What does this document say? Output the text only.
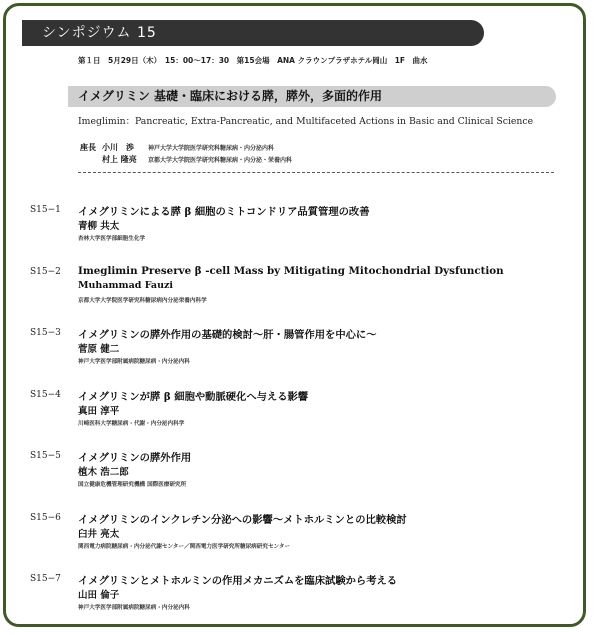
シンポジウム 15
第１日　5月29日（木）　15：00～17：30　第15会場　ANA クラウンプラザホテル岡山　1F　曲水
イメグリミン 基礎・臨床における膵，膵外，多面的作用
Imeglimin：Pancreatic, Extra-Pancreatic, and Multifaceted Actions in Basic and Clinical Science
座長 小川　渉	神戸大学大学院医学研究科糖尿病・内分泌内科
村上 隆亮	京都大学大学院医学研究科糖尿病・内分泌・栄養内科
S15−1 イメグリミンによる膵 β 細胞のミトコンドリア品質管理の改善
青柳 共太
杏林大学医学部細胞生化学
S15−2 Imeglimin Preserve β -cell Mass by Mitigating Mitochondrial Dysfunction
Muhammad Fauzi
京都大学大学院医学研究科糖尿病内分泌栄養内科学
S15−3 イメグリミンの膵外作用の基礎的検討～肝・腸管作用を中心に～
菅原 健二
神戸大学医学部附属病院糖尿病・内分泌内科
S15−4 イメグリミンが膵 β 細胞や動脈硬化へ与える影響
真田 淳平
川崎医科大学糖尿病・代謝・内分泌内科学
S15−5 イメグリミンの膵外作用
植木 浩二郎
国立健康危機管理研究機構 国際医療研究所
S15−6 イメグリミンのインクレチン分泌への影響～メトホルミンとの比較検討
臼井 亮太
関西電力病院糖尿病・内分泌代謝センター／関西電力医学研究所糖尿病研究センター
S15−7 イメグリミンとメトホルミンの作用メカニズムを臨床試験から考える
山田 倫子
神戸大学医学部附属病院糖尿病・内分泌内科
